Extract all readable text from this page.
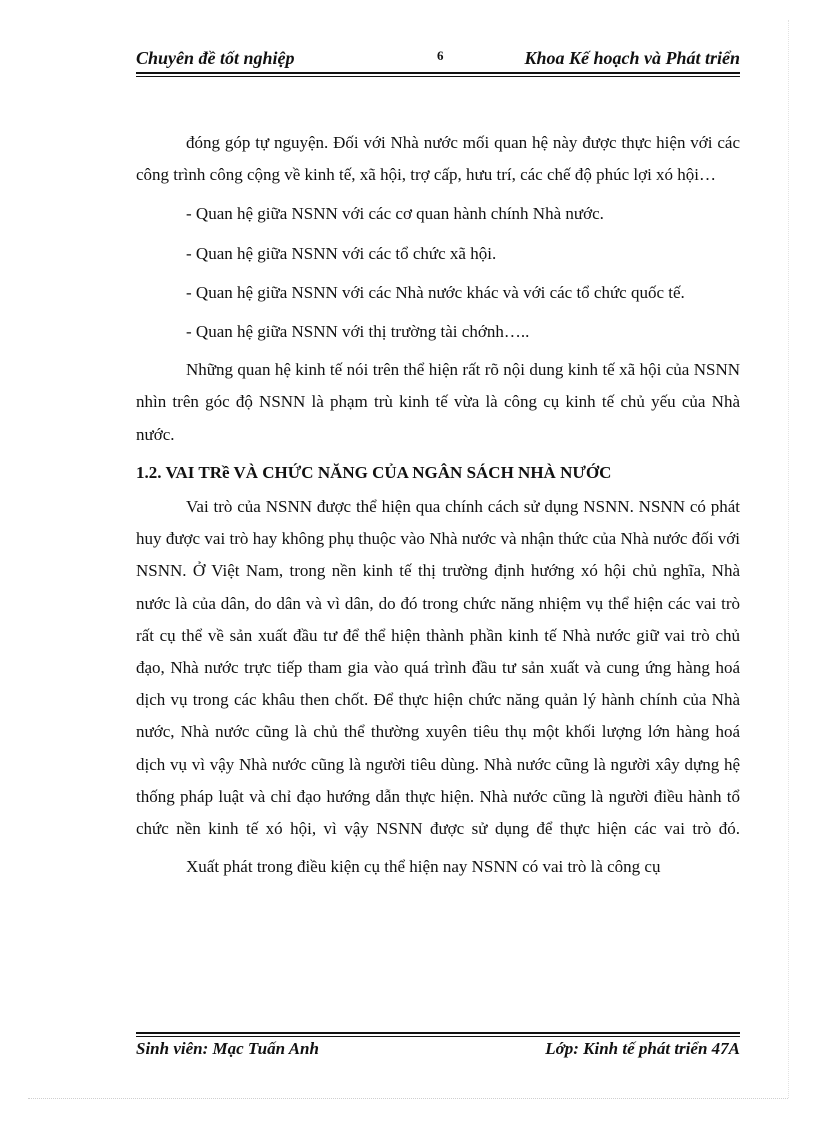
Chuyên đề tốt nghiệp	6	Khoa Kế hoạch và Phát triển

đóng góp tự nguyện. Đối với Nhà nước mối quan hệ này được thực hiện với các công trình công cộng về kinh tế, xã hội, trợ cấp, hưu trí, các chế độ phúc lợi xó hội…

- Quan hệ giữa NSNN với các cơ quan hành chính Nhà nước.

- Quan hệ giữa NSNN với các tổ chức xã hội.

- Quan hệ giữa NSNN với các Nhà nước khác và với các tổ chức quốc tế.

- Quan hệ giữa NSNN với thị trường tài chớnh…..

Những quan hệ kinh tế nói trên thể hiện rất rõ nội dung kinh tế xã hội của NSNN nhìn trên góc độ NSNN là phạm trù kinh tế vừa là công cụ kinh tế chủ yếu của Nhà nước.

1.2. VAI TRề VÀ CHỨC NĂNG CỦA NGÂN SÁCH NHÀ NƯỚC

Vai trò của NSNN được thể hiện qua chính cách sử dụng NSNN. NSNN có phát huy được vai trò hay không phụ thuộc vào Nhà nước và nhận thức của Nhà nước đối với NSNN. Ở Việt Nam, trong nền kinh tế thị trường định hướng xó hội chủ nghĩa, Nhà nước là của dân, do dân và vì dân, do đó trong chức năng nhiệm vụ thể hiện các vai trò rất cụ thể về sản xuất đầu tư để thể hiện thành phần kinh tế Nhà nước giữ vai trò chủ đạo, Nhà nước trực tiếp tham gia vào quá trình đầu tư sản xuất và cung ứng hàng hoá dịch vụ trong các khâu then chốt. Để thực hiện chức năng quản lý hành chính của Nhà nước, Nhà nước cũng là chủ thể thường xuyên tiêu thụ một khối lượng lớn hàng hoá dịch vụ vì vậy Nhà nước cũng là người tiêu dùng. Nhà nước cũng là người xây dựng hệ thống pháp luật và chỉ đạo hướng dẫn thực hiện. Nhà nước cũng là người điều hành tổ chức nền kinh tế xó hội, vì vậy NSNN được sử dụng để thực hiện các vai trò đó.

Xuất phát trong điều kiện cụ thể hiện nay NSNN có vai trò là công cụ

Sinh viên: Mạc Tuấn Anh	Lớp: Kinh tế phát triển 47A
